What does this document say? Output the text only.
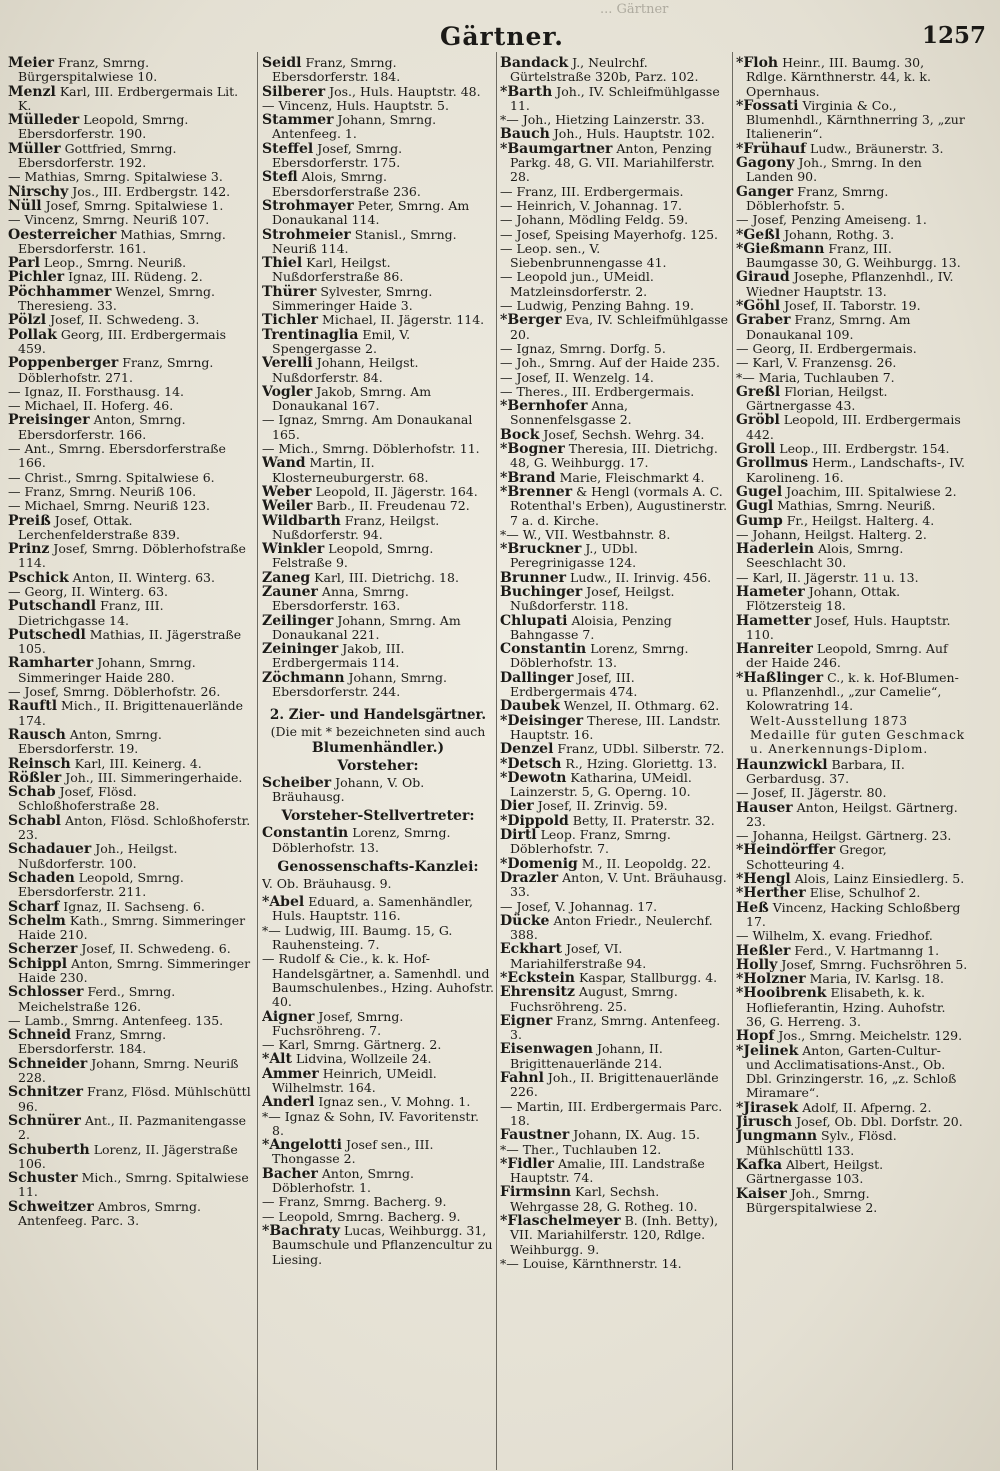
... Gärtner
Gärtner.	1257

Meier Franz, Smrng. Bürgerspitalwiese 10.

Menzl Karl, III. Erdbergermais Lit. K.

Mülleder Leopold, Smrng. Ebersdorferstr. 190.

Müller Gottfried, Smrng. Ebersdorferstr. 192.

— Mathias, Smrng. Spitalwiese 3.

Nirschy Jos., III. Erdbergstr. 142.

Nüll Josef, Smrng. Spitalwiese 1.

— Vincenz, Smrng. Neuriß 107.

Oesterreicher Mathias, Smrng. Ebersdorferstr. 161.

Parl Leop., Smrng. Neuriß.

Pichler Ignaz, III. Rüdeng. 2.

Pöchhammer Wenzel, Smrng. Theresieng. 33.

Pölzl Josef, II. Schwedeng. 3.

Pollak Georg, III. Erdbergermais 459.

Poppenberger Franz, Smrng. Döblerhofstr. 271.

— Ignaz, II. Forsthausg. 14.

— Michael, II. Hoferg. 46.

Preisinger Anton, Smrng. Ebersdorferstr. 166.

— Ant., Smrng. Ebersdorferstraße 166.

— Christ., Smrng. Spitalwiese 6.

— Franz, Smrng. Neuriß 106.

— Michael, Smrng. Neuriß 123.

Preiß Josef, Ottak. Lerchenfelderstraße 839.

Prinz Josef, Smrng. Döblerhofstraße 114.

Pschick Anton, II. Winterg. 63.

— Georg, II. Winterg. 63.

Putschandl Franz, III. Dietrichgasse 14.

Putschedl Mathias, II. Jägerstraße 105.

Ramharter Johann, Smrng. Simmeringer Haide 280.

— Josef, Smrng. Döblerhofstr. 26.

Rauftl Mich., II. Brigittenauerlände 174.

Rausch Anton, Smrng. Ebersdorferstr. 19.

Reinsch Karl, III. Keinerg. 4.

Rößler Joh., III. Simmeringerhaide.

Schab Josef, Flösd. Schloßhoferstraße 28.

Schabl Anton, Flösd. Schloßhoferstr. 23.

Schadauer Joh., Heilgst. Nußdorferstr. 100.

Schaden Leopold, Smrng. Ebersdorferstr. 211.

Scharf Ignaz, II. Sachseng. 6.

Schelm Kath., Smrng. Simmeringer Haide 210.

Scherzer Josef, II. Schwedeng. 6.

Schippl Anton, Smrng. Simmeringer Haide 230.

Schlosser Ferd., Smrng. Meichelstraße 126.

— Lamb., Smrng. Antenfeeg. 135.

Schneid Franz, Smrng. Ebersdorferstr. 184.

Schneider Johann, Smrng. Neuriß 228.

Schnitzer Franz, Flösd. Mühlschüttl 96.

Schnürer Ant., II. Pazmanitengasse 2.

Schuberth Lorenz, II. Jägerstraße 106.

Schuster Mich., Smrng. Spitalwiese 11.

Schweitzer Ambros, Smrng. Antenfeeg. Parc. 3.

Seidl Franz, Smrng. Ebersdorferstr. 184.

Silberer Jos., Huls. Hauptstr. 48.

— Vincenz, Huls. Hauptstr. 5.

Stammer Johann, Smrng. Antenfeeg. 1.

Steffel Josef, Smrng. Ebersdorferstr. 175.

Stefl Alois, Smrng. Ebersdorferstraße 236.

Strohmayer Peter, Smrng. Am Donaukanal 114.

Strohmeier Stanisl., Smrng. Neuriß 114.

Thiel Karl, Heilgst. Nußdorferstraße 86.

Thürer Sylvester, Smrng. Simmeringer Haide 3.

Tichler Michael, II. Jägerstr. 114.

Trentinaglia Emil, V. Spengergasse 2.

Verelli Johann, Heilgst. Nußdorferstr. 84.

Vogler Jakob, Smrng. Am Donaukanal 167.

— Ignaz, Smrng. Am Donaukanal 165.

— Mich., Smrng. Döblerhofstr. 11.

Wand Martin, II. Klosterneuburgerstr. 68.

Weber Leopold, II. Jägerstr. 164.

Weiler Barb., II. Freudenau 72.

Wildbarth Franz, Heilgst. Nußdorferstr. 94.

Winkler Leopold, Smrng. Felstraße 9.

Zaneg Karl, III. Dietrichg. 18.

Zauner Anna, Smrng. Ebersdorferstr. 163.

Zeilinger Johann, Smrng. Am Donaukanal 221.

Zeininger Jakob, III. Erdbergermais 114.

Zöchmann Johann, Smrng. Ebersdorferstr. 244.

2. Zier- und Handelsgärtner.
(Die mit * bezeichneten sind auch
Blumenhändler.)
Vorsteher:

Scheiber Johann, V. Ob. Bräuhausg.

Vorsteher-Stellvertreter:

Constantin Lorenz, Smrng. Döblerhofstr. 13.

Genossenschafts-Kanzlei:

V. Ob. Bräuhausg. 9.

*Abel Eduard, a. Samenhändler, Huls. Hauptstr. 116.

*— Ludwig, III. Baumg. 15, G. Rauhensteing. 7.

— Rudolf & Cie., k. k. Hof-Handelsgärtner, a. Samenhdl. und Baumschulenbes., Hzing. Auhofstr. 40.

Aigner Josef, Smrng. Fuchsröhreng. 7.

— Karl, Smrng. Gärtnerg. 2.

*Alt Lidvina, Wollzeile 24.

Ammer Heinrich, UMeidl. Wilhelmstr. 164.

Anderl Ignaz sen., V. Mohng. 1.

*— Ignaz & Sohn, IV. Favoritenstr. 8.

*Angelotti Josef sen., III. Thongasse 2.

Bacher Anton, Smrng. Döblerhofstr. 1.

— Franz, Smrng. Bacherg. 9.

— Leopold, Smrng. Bacherg. 9.

*Bachraty Lucas, Weihburgg. 31, Baumschule und Pflanzencultur zu Liesing.

Bandack J., Neulrchf. Gürtelstraße 320b, Parz. 102.

*Barth Joh., IV. Schleifmühlgasse 11.

*— Joh., Hietzing Lainzerstr. 33.

Bauch Joh., Huls. Hauptstr. 102.

*Baumgartner Anton, Penzing Parkg. 48, G. VII. Mariahilferstr. 28.

— Franz, III. Erdbergermais.

— Heinrich, V. Johannag. 17.

— Johann, Mödling Feldg. 59.

— Josef, Speising Mayerhofg. 125.

— Leop. sen., V. Siebenbrunnengasse 41.

— Leopold jun., UMeidl. Matzleinsdorferstr. 2.

— Ludwig, Penzing Bahng. 19.

*Berger Eva, IV. Schleifmühlgasse 20.

— Ignaz, Smrng. Dorfg. 5.

— Joh., Smrng. Auf der Haide 235.

— Josef, II. Wenzelg. 14.

— Theres., III. Erdbergermais.

*Bernhofer Anna, Sonnenfelsgasse 2.

Bock Josef, Sechsh. Wehrg. 34.

*Bogner Theresia, III. Dietrichg. 48, G. Weihburgg. 17.

*Brand Marie, Fleischmarkt 4.

*Brenner & Hengl (vormals A. C. Rotenthal's Erben), Augustinerstr. 7 a. d. Kirche.

*— W., VII. Westbahnstr. 8.

*Bruckner J., UDbl. Peregrinigasse 124.

Brunner Ludw., II. Irinvig. 456.

Buchinger Josef, Heilgst. Nußdorferstr. 118.

Chlupati Aloisia, Penzing Bahngasse 7.

Constantin Lorenz, Smrng. Döblerhofstr. 13.

Dallinger Josef, III. Erdbergermais 474.

Daubek Wenzel, II. Othmarg. 62.

*Deisinger Therese, III. Landstr. Hauptstr. 16.

Denzel Franz, UDbl. Silberstr. 72.

*Detsch R., Hzing. Gloriettg. 13.

*Dewotn Katharina, UMeidl. Lainzerstr. 5, G. Operng. 10.

Dier Josef, II. Zrinvig. 59.

*Dippold Betty, II. Praterstr. 32.

Dirtl Leop. Franz, Smrng. Döblerhofstr. 7.

*Domenig M., II. Leopoldg. 22.

Drazler Anton, V. Unt. Bräuhausg. 33.

— Josef, V. Johannag. 17.

Dücke Anton Friedr., Neulerchf. 388.

Eckhart Josef, VI. Mariahilferstraße 94.

*Eckstein Kaspar, Stallburgg. 4.

Ehrensitz August, Smrng. Fuchsröhreng. 25.

Eigner Franz, Smrng. Antenfeeg. 3.

Eisenwagen Johann, II. Brigittenauerlände 214.

Fahnl Joh., II. Brigittenauerlände 226.

— Martin, III. Erdbergermais Parc. 18.

Faustner Johann, IX. Aug. 15.

*— Ther., Tuchlauben 12.

*Fidler Amalie, III. Landstraße Hauptstr. 74.

Firmsinn Karl, Sechsh. Wehrgasse 28, G. Rotheg. 10.

*Flaschelmeyer B. (Inh. Betty), VII. Mariahilferstr. 120, Rdlge. Weihburgg. 9.

*— Louise, Kärnthnerstr. 14.

*Floh Heinr., III. Baumg. 30, Rdlge. Kärnthnerstr. 44, k. k. Opernhaus.

*Fossati Virginia & Co., Blumenhdl., Kärnthnerring 3, „zur Italienerin“.

*Frühauf Ludw., Bräunerstr. 3.

Gagony Joh., Smrng. In den Landen 90.

Ganger Franz, Smrng. Döblerhofstr. 5.

— Josef, Penzing Ameiseng. 1.

*Geßl Johann, Rothg. 3.

*Gießmann Franz, III. Baumgasse 30, G. Weihburgg. 13.

Giraud Josephe, Pflanzenhdl., IV. Wiedner Hauptstr. 13.

*Göhl Josef, II. Taborstr. 19.

Graber Franz, Smrng. Am Donaukanal 109.

— Georg, II. Erdbergermais.

— Karl, V. Franzensg. 26.

*— Maria, Tuchlauben 7.

Greßl Florian, Heilgst. Gärtnergasse 43.

Gröbl Leopold, III. Erdbergermais 442.

Groll Leop., III. Erdbergstr. 154.

Grollmus Herm., Landschafts-, IV. Karolineng. 16.

Gugel Joachim, III. Spitalwiese 2.

Gugl Mathias, Smrng. Neuriß.

Gump Fr., Heilgst. Halterg. 4.

— Johann, Heilgst. Halterg. 2.

Haderlein Alois, Smrng. Seeschlacht 30.

— Karl, II. Jägerstr. 11 u. 13.

Hameter Johann, Ottak. Flötzersteig 18.

Hametter Josef, Huls. Hauptstr. 110.

Hanreiter Leopold, Smrng. Auf der Haide 246.

*Haßlinger C., k. k. Hof-Blumen- u. Pflanzenhdl., „zur Camelie“, Kolowratring 14.

Welt-Ausstellung 1873 Medaille für guten Geschmack u. Anerkennungs-Diplom.

Haunzwickl Barbara, II. Gerbardusg. 37.

— Josef, II. Jägerstr. 80.

Hauser Anton, Heilgst. Gärtnerg. 23.

— Johanna, Heilgst. Gärtnerg. 23.

*Heindörffer Gregor, Schotteuring 4.

*Hengl Alois, Lainz Einsiedlerg. 5.

*Herther Elise, Schulhof 2.

Heß Vincenz, Hacking Schloßberg 17.

— Wilhelm, X. evang. Friedhof.

Heßler Ferd., V. Hartmanng 1.

Holly Josef, Smrng. Fuchsröhren 5.

*Holzner Maria, IV. Karlsg. 18.

*Hooibrenk Elisabeth, k. k. Hoflieferantin, Hzing. Auhofstr. 36, G. Herreng. 3.

Hopf Jos., Smrng. Meichelstr. 129.

*Jelinek Anton, Garten-Cultur- und Acclimatisations-Anst., Ob. Dbl. Grinzingerstr. 16, „z. Schloß Miramare“.

*Jirasek Adolf, II. Afperng. 2.

Jirusch Josef, Ob. Dbl. Dorfstr. 20.

Jungmann Sylv., Flösd. Mühlschüttl 133.

Kafka Albert, Heilgst. Gärtnergasse 103.

Kaiser Joh., Smrng. Bürgerspitalwiese 2.
